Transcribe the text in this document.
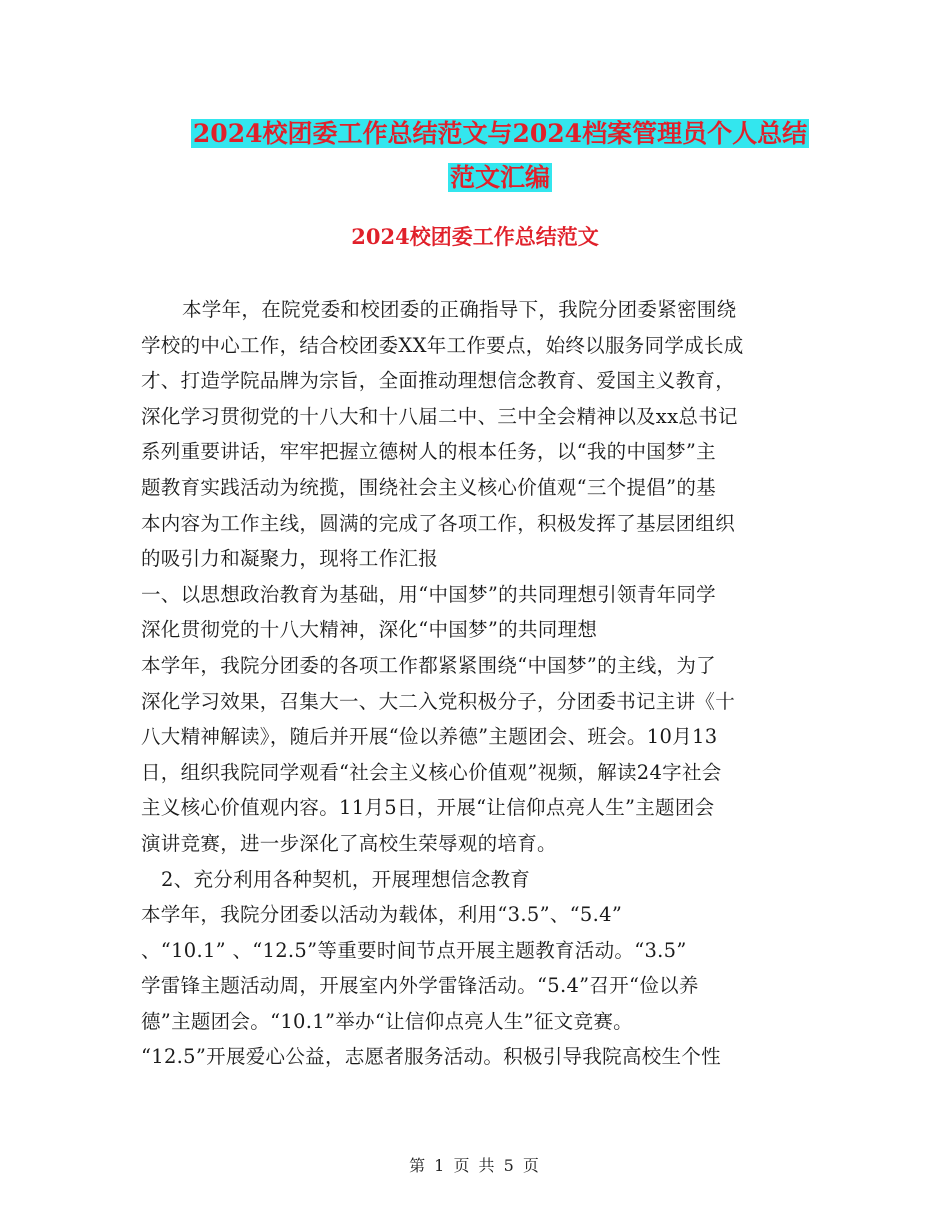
2024校团委工作总结范文与2024档案管理员个人总结
范文汇编
2024校团委工作总结范文
本学年，在院党委和校团委的正确指导下，我院分团委紧密围绕
学校的中心工作，结合校团委XX年工作要点，始终以服务同学成长成
才、打造学院品牌为宗旨，全面推动理想信念教育、爱国主义教育，
深化学习贯彻党的十八大和十八届二中、三中全会精神以及xx总书记
系列重要讲话，牢牢把握立德树人的根本任务，以“我的中国梦”主
题教育实践活动为统揽，围绕社会主义核心价值观“三个提倡”的基
本内容为工作主线，圆满的完成了各项工作，积极发挥了基层团组织
的吸引力和凝聚力，现将工作汇报
一、以思想政治教育为基础，用“中国梦”的共同理想引领青年同学
深化贯彻党的十八大精神，深化“中国梦”的共同理想
本学年，我院分团委的各项工作都紧紧围绕“中国梦”的主线，为了
深化学习效果，召集大一、大二入党积极分子，分团委书记主讲《十
八大精神解读》，随后并开展“俭以养德”主题团会、班会。10月13
日，组织我院同学观看“社会主义核心价值观”视频，解读24字社会
主义核心价值观内容。11月5日，开展“让信仰点亮人生”主题团会
演讲竞赛，进一步深化了高校生荣辱观的培育。
2、充分利用各种契机，开展理想信念教育
本学年，我院分团委以活动为载体，利用“3.5”、“5.4”
、“10.1” 、“12.5”等重要时间节点开展主题教育活动。“3.5”
学雷锋主题活动周，开展室内外学雷锋活动。“5.4”召开“俭以养
德”主题团会。“10.1”举办“让信仰点亮人生”征文竞赛。
“12.5”开展爱心公益，志愿者服务活动。积极引导我院高校生个性
第 1 页 共 5 页
